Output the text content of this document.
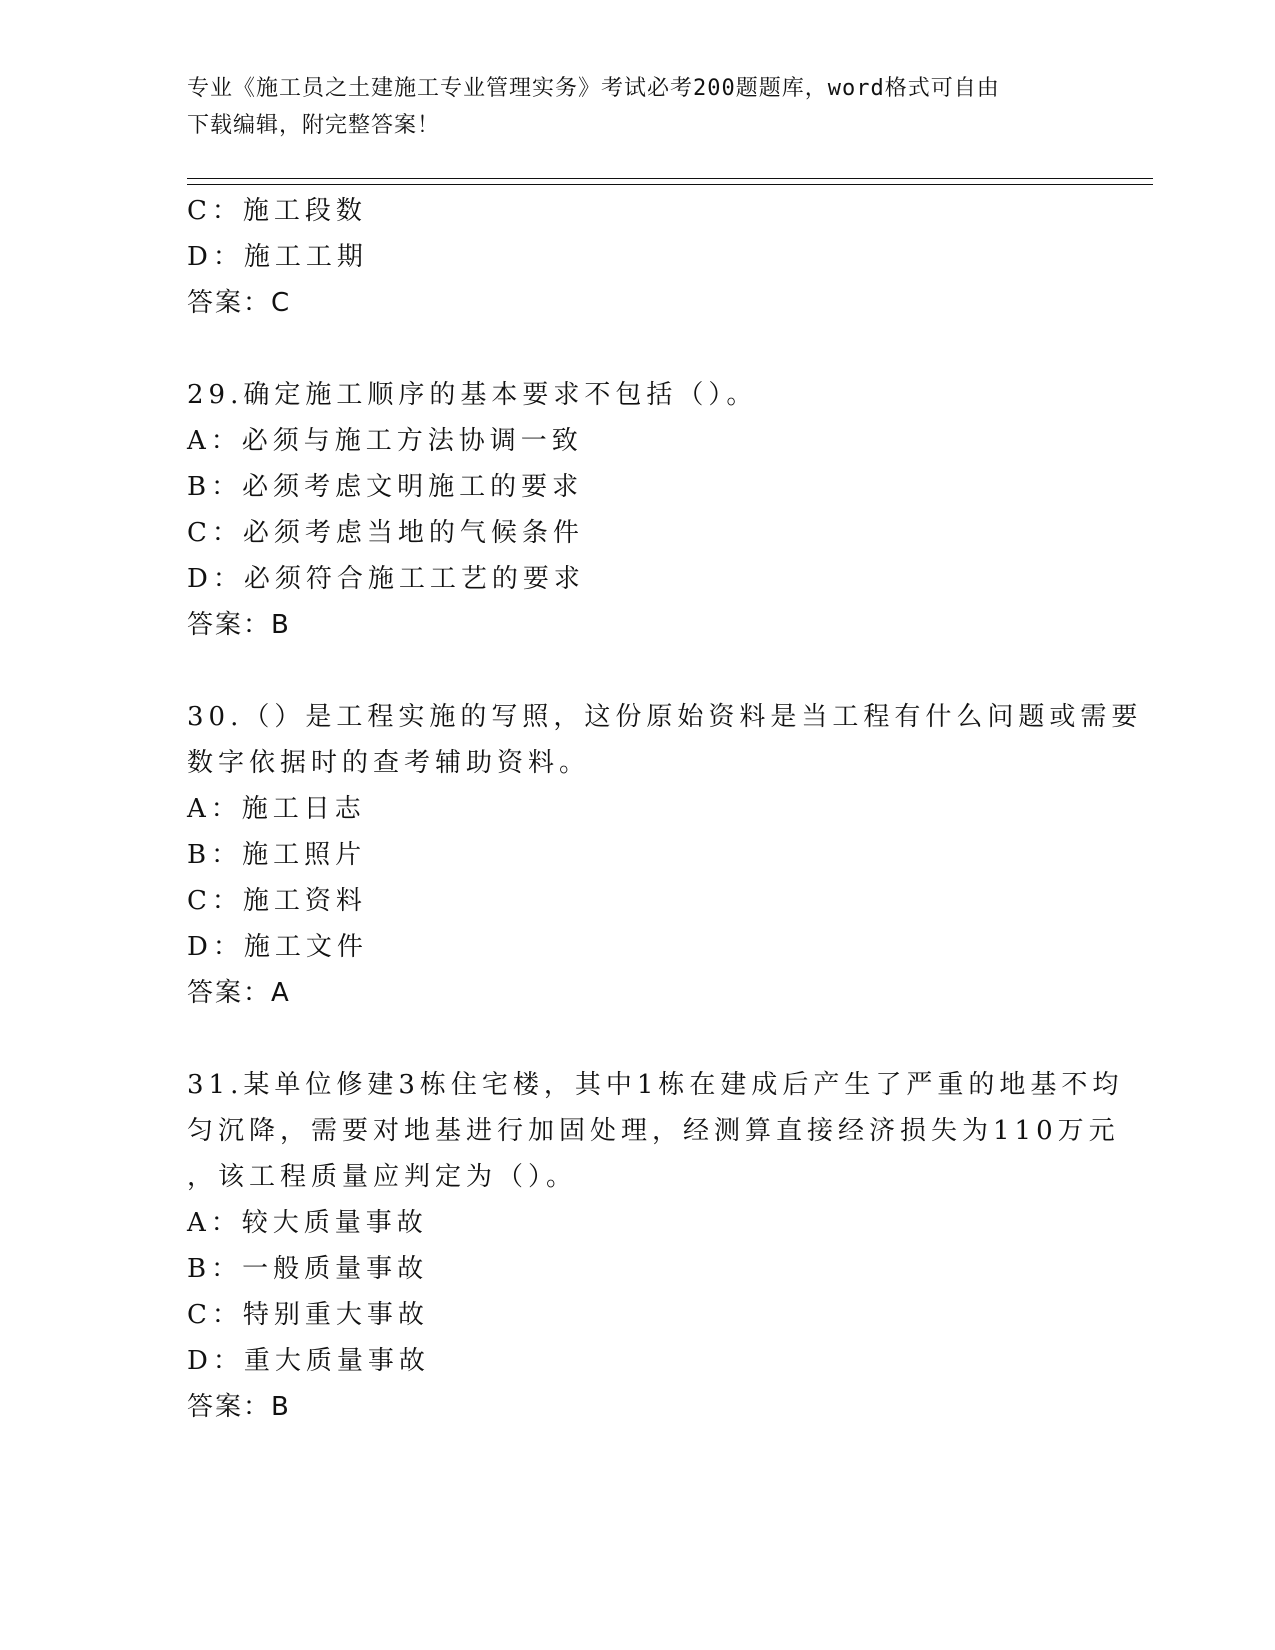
专业《施工员之土建施工专业管理实务》考试必考200题题库，word格式可自由
下载编辑，附完整答案！
C：施工段数
D：施工工期
答案：C
29.确定施工顺序的基本要求不包括（）。
A：必须与施工方法协调一致
B：必须考虑文明施工的要求
C：必须考虑当地的气候条件
D：必须符合施工工艺的要求
答案：B
30.（）是工程实施的写照，这份原始资料是当工程有什么问题或需要
数字依据时的查考辅助资料。
A：施工日志
B：施工照片
C：施工资料
D：施工文件
答案：A
31.某单位修建3栋住宅楼，其中1栋在建成后产生了严重的地基不均
匀沉降，需要对地基进行加固处理，经测算直接经济损失为110万元
，该工程质量应判定为（）。
A：较大质量事故
B：一般质量事故
C：特别重大事故
D：重大质量事故
答案：B
